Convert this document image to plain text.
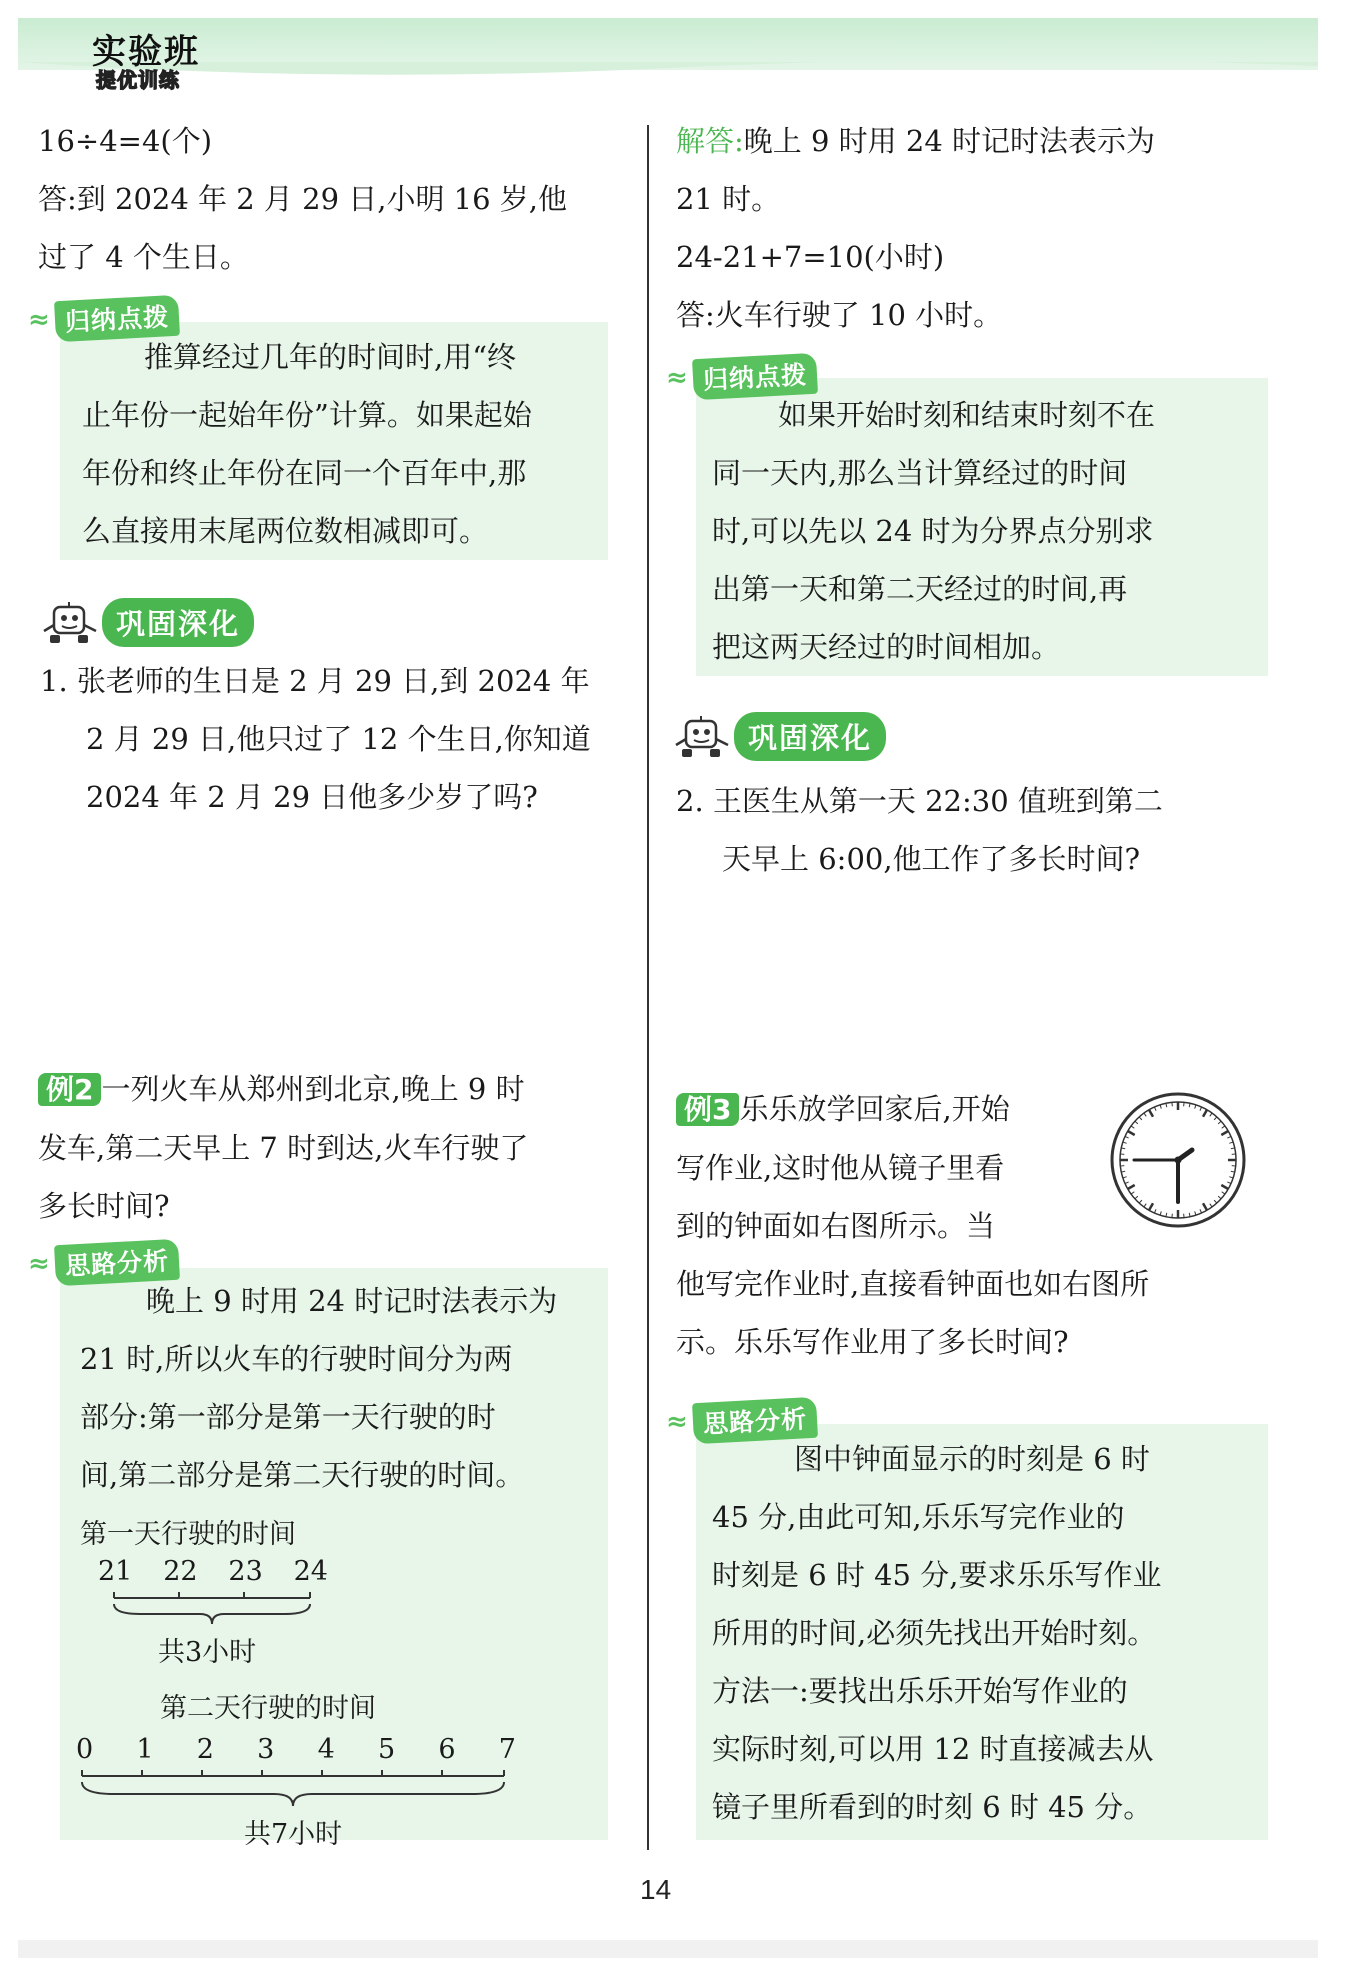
实验班
提优训练
16÷4=4(个)
答:到 2024 年 2 月 29 日,小明 16 岁,他
过了 4 个生日。
≈ 归纳点拨
推算经过几年的时间时,用“终
止年份一起始年份”计算。如果起始
年份和终止年份在同一个百年中,那
么直接用末尾两位数相减即可。
巩固深化
1. 张老师的生日是 2 月 29 日,到 2024 年
2 月 29 日,他只过了 12 个生日,你知道
2024 年 2 月 29 日他多少岁了吗?
例2 一列火车从郑州到北京,晚上 9 时
发车,第二天早上 7 时到达,火车行驶了
多长时间?
≈ 思路分析
晚上 9 时用 24 时记时法表示为
21 时,所以火车的行驶时间分为两
部分:第一部分是第一天行驶的时
间,第二部分是第二天行驶的时间。
第一天行驶的时间
21 22 23 24
共3小时
第二天行驶的时间
0 1 2 3 4 5 6 7
共7小时
解答:晚上 9 时用 24 时记时法表示为
21 时。
24-21+7=10(小时)
答:火车行驶了 10 小时。
≈ 归纳点拨
如果开始时刻和结束时刻不在
同一天内,那么当计算经过的时间
时,可以先以 24 时为分界点分别求
出第一天和第二天经过的时间,再
把这两天经过的时间相加。
巩固深化
2. 王医生从第一天 22:30 值班到第二
天早上 6:00,他工作了多长时间?
例3 乐乐放学回家后,开始
写作业,这时他从镜子里看
到的钟面如右图所示。当
他写完作业时,直接看钟面也如右图所
示。乐乐写作业用了多长时间?
≈ 思路分析
图中钟面显示的时刻是 6 时
45 分,由此可知,乐乐写完作业的
时刻是 6 时 45 分,要求乐乐写作业
所用的时间,必须先找出开始时刻。
方法一:要找出乐乐开始写作业的
实际时刻,可以用 12 时直接减去从
镜子里所看到的时刻 6 时 45 分。
14
